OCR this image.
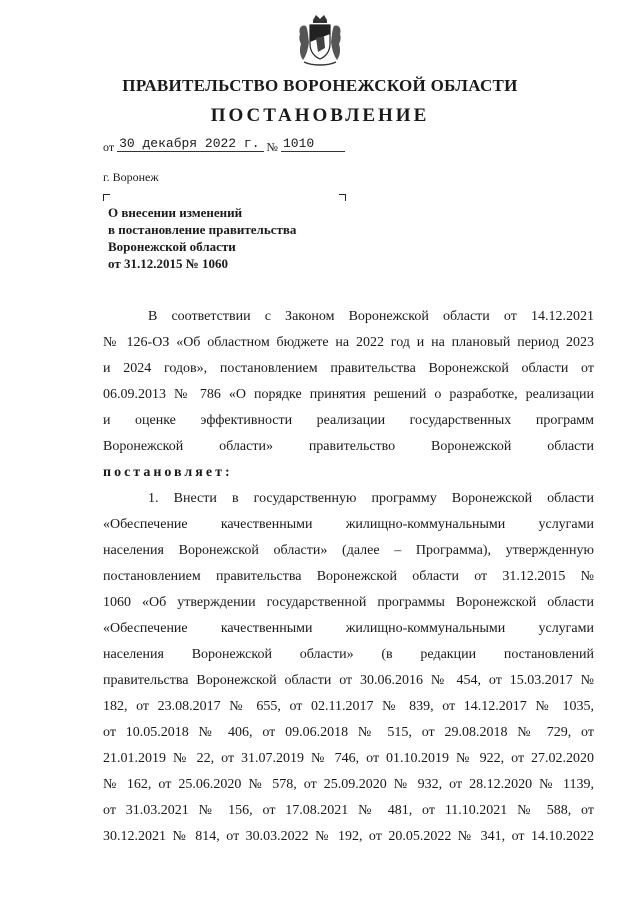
ПРАВИТЕЛЬСТВО ВОРОНЕЖСКОЙ ОБЛАСТИ
ПОСТАНОВЛЕНИЕ
от 30 декабря 2022 г. № 1010
г. Воронеж
О внесении изменений
в постановление правительства
Воронежской области
от 31.12.2015 № 1060
В соответствии с Законом Воронежской области от 14.12.2021
№ 126-ОЗ «Об областном бюджете на 2022 год и на плановый период 2023
и 2024 годов», постановлением правительства Воронежской области от
06.09.2013 № 786 «О порядке принятия решений о разработке, реализации
и оценке эффективности реализации государственных программ
Воронежской области» правительство Воронежской области
постановляет:
1. Внести в государственную программу Воронежской области
«Обеспечение качественными жилищно-коммунальными услугами
населения Воронежской области» (далее – Программа), утвержденную
постановлением правительства Воронежской области от 31.12.2015 №
1060 «Об утверждении государственной программы Воронежской области
«Обеспечение качественными жилищно-коммунальными услугами
населения Воронежской области» (в редакции постановлений
правительства Воронежской области от 30.06.2016 № 454, от 15.03.2017 №
182, от 23.08.2017 № 655, от 02.11.2017 № 839, от 14.12.2017 № 1035,
от 10.05.2018 № 406, от 09.06.2018 № 515, от 29.08.2018 № 729, от
21.01.2019 № 22, от 31.07.2019 № 746, от 01.10.2019 № 922, от 27.02.2020
№ 162, от 25.06.2020 № 578, от 25.09.2020 № 932, от 28.12.2020 № 1139,
от 31.03.2021 № 156, от 17.08.2021 № 481, от 11.10.2021 № 588, от
30.12.2021 № 814, от 30.03.2022 № 192, от 20.05.2022 № 341, от 14.10.2022
